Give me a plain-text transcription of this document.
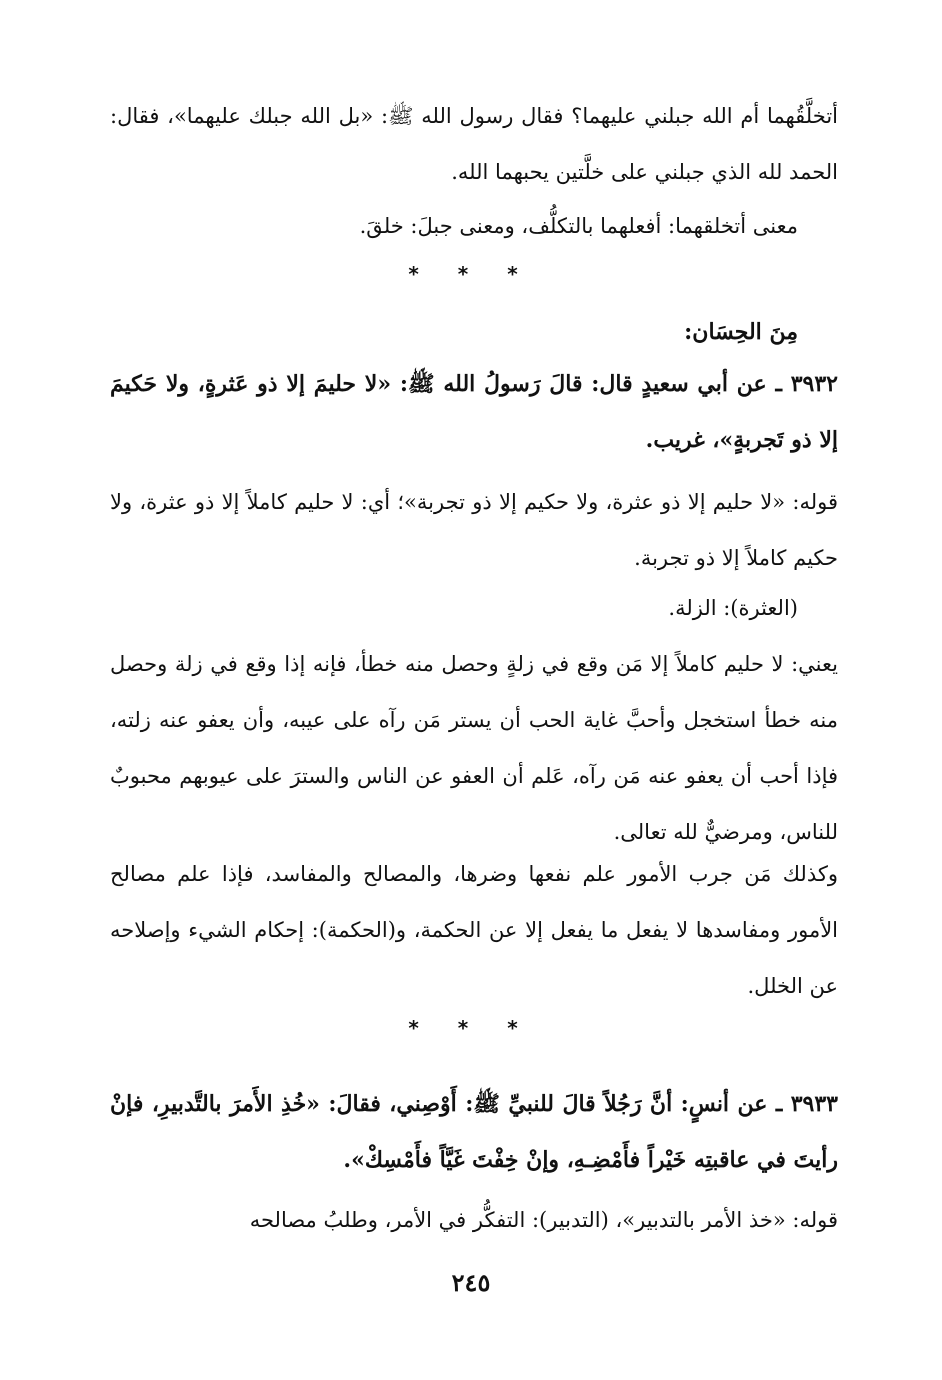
أتخلَّقُهما أم الله جبلني عليهما؟ فقال رسول الله ﷺ: «بل الله جبلك عليهما»، فقال: الحمد لله الذي جبلني على خلَّتين يحبهما الله.

معنى أتخلقهما: أفعلهما بالتكلُّف، ومعنى جبلَ: خلقَ.

* * *

مِنَ الحِسَان:

٣٩٣٢ ـ عن أبي سعيدٍ قال: قالَ رَسولُ الله ﷺ: «لا حليمَ إلا ذو عَثرةٍ، ولا حَكيمَ إلا ذو تَجربةٍ»، غريب.

قوله: «لا حليم إلا ذو عثرة، ولا حكيم إلا ذو تجربة»؛ أي: لا حليم كاملاً إلا ذو عثرة، ولا حكيم كاملاً إلا ذو تجربة.

(العثرة): الزلة.

يعني: لا حليم كاملاً إلا مَن وقع في زلةٍ وحصل منه خطأ، فإنه إذا وقع في زلة وحصل منه خطأ استخجل وأحبَّ غاية الحب أن يستر مَن رآه على عيبه، وأن يعفو عنه زلته، فإذا أحب أن يعفو عنه مَن رآه، عَلم أن العفو عن الناس والسترَ على عيوبهم محبوبٌ للناس، ومرضيٌّ لله تعالى.

وكذلك مَن جرب الأمور علم نفعها وضرها، والمصالح والمفاسد، فإذا علم مصالح الأمور ومفاسدها لا يفعل ما يفعل إلا عن الحكمة، و(الحكمة): إحكام الشيء وإصلاحه عن الخلل.

* * *

٣٩٣٣ ـ عن أنسٍ: أنَّ رَجُلاً قالَ للنبيِّ ﷺ: أَوْصِني، فقالَ: «خُذِ الأَمرَ بالتَّدبيرِ، فإنْ رأيتَ في عاقبتِه خَيْراً فأَمْضِـهِ، وإنْ خِفْتَ غَيَّاً فأَمْسِكْ».

قوله: «خذ الأمر بالتدبير»، (التدبير): التفكُّر في الأمر، وطلبُ مصالحه

٢٤٥
